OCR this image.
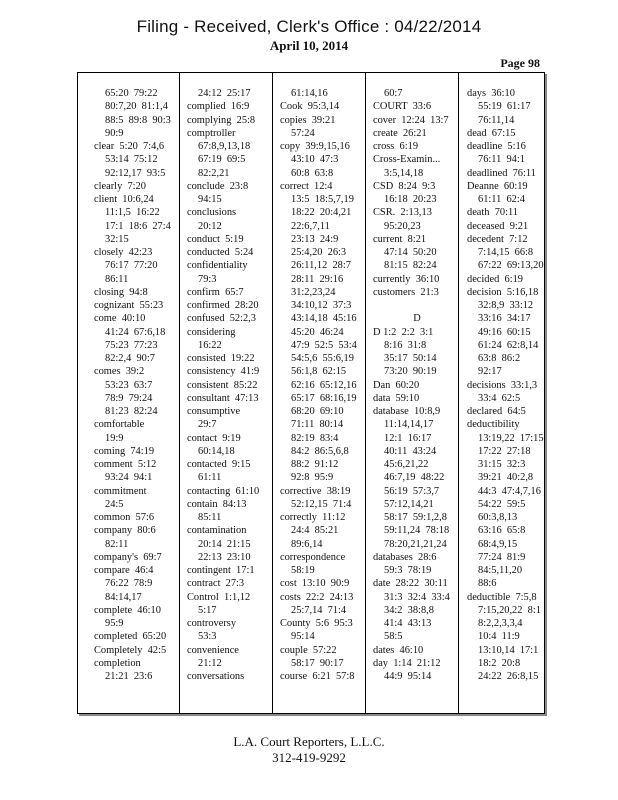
Filing - Received, Clerk's Office : 04/22/2014
April 10, 2014
Page 98
65:20  79:22
80:7,20  81:1,4
88:5  89:8  90:3
90:9
clear  5:20  7:4,6
53:14  75:12
92:12,17  93:5
clearly  7:20
client  10:6,24
11:1,5  16:22
17:1  18:6  27:4
32:15
closely  42:23
76:17  77:20
86:11
closing  94:8
cognizant  55:23
come  40:10
41:24  67:6,18
75:23  77:23
82:2,4  90:7
comes  39:2
53:23  63:7
78:9  79:24
81:23  82:24
comfortable
19:9
coming  74:19
comment  5:12
93:24  94:1
commitment
24:5
common  57:6
company  80:6
82:11
company's  69:7
compare  46:4
76:22  78:9
84:14,17
complete  46:10
95:9
completed  65:20
Completely  42:5
completion
21:21  23:6
24:12  25:17
complied  16:9
complying  25:8
comptroller
67:8,9,13,18
67:19  69:5
82:2,21
conclude  23:8
94:15
conclusions
20:12
conduct  5:19
conducted  5:24
confidentiality
79:3
confirm  65:7
confirmed  28:20
confused  52:2,3
considering
16:22
consisted  19:22
consistency  41:9
consistent  85:22
consultant  47:13
consumptive
29:7
contact  9:19
60:14,18
contacted  9:15
61:11
contacting  61:10
contain  84:13
85:11
contamination
20:14  21:15
22:13  23:10
contingent  17:1
contract  27:3
Control  1:1,12
5:17
controversy
53:3
convenience
21:12
conversations
61:14,16
Cook  95:3,14
copies  39:21
57:24
copy  39:9,15,16
43:10  47:3
60:8  63:8
correct  12:4
13:5  18:5,7,19
18:22  20:4,21
22:6,7,11
23:13  24:9
25:4,20  26:3
26:11,12  28:7
28:11  29:16
31:2,23,24
34:10,12  37:3
43:14,18  45:16
45:20  46:24
47:9  52:5  53:4
54:5,6  55:6,19
56:1,8  62:15
62:16  65:12,16
65:17  68:16,19
68:20  69:10
71:11  80:14
82:19  83:4
84:2  86:5,6,8
88:2  91:12
92:8  95:9
corrective  38:19
52:12,15  71:4
correctly  11:12
24:4  85:21
89:6,14
correspondence
58:19
cost  13:10  90:9
costs  22:2  24:13
25:7,14  71:4
County  5:6  95:3
95:14
couple  57:22
58:17  90:17
course  6:21  57:8
60:7
COURT  33:6
cover  12:24  13:7
create  26:21
cross  6:19
Cross-Examin...
3:5,14,18
CSD  8:24  9:3
16:18  20:23
CSR.  2:13,13
95:20,23
current  8:21
47:14  50:20
81:15  82:24
currently  36:10
customers  21:3
D
D 1:2  2:2  3:1
8:16  31:8
35:17  50:14
73:20  90:19
Dan  60:20
data  59:10
database  10:8,9
11:14,14,17
12:1  16:17
40:11  43:24
45:6,21,22
46:7,19  48:22
56:19  57:3,7
57:12,14,21
58:17  59:1,2,8
59:11,24  78:18
78:20,21,21,24
databases  28:6
59:3  78:19
date  28:22  30:11
31:3  32:4  33:4
34:2  38:8,8
41:4  43:13
58:5
dates  46:10
day  1:14  21:12
44:9  95:14
days  36:10
55:19  61:17
76:11,14
dead  67:15
deadline  5:16
76:11  94:1
deadlined  76:11
Deanne  60:19
61:11  62:4
death  70:11
deceased  9:21
decedent  7:12
7:14,15  66:8
67:22  69:13,20
decided  6:19
decision  5:16,18
32:8,9  33:12
33:16  34:17
49:16  60:15
61:24  62:8,14
63:8  86:2
92:17
decisions  33:1,3
33:4  62:5
declared  64:5
deductibility
13:19,22  17:15
17:22  27:18
31:15  32:3
39:21  40:2,8
44:3  47:4,7,16
54:22  59:5
60:3,8,13
63:16  65:8
68:4,9,15
77:24  81:9
84:5,11,20
88:6
deductible  7:5,8
7:15,20,22  8:1
8:2,2,3,3,4
10:4  11:9
13:10,14  17:1
18:2  20:8
24:22  26:8,15
L.A. Court Reporters, L.L.C.
312-419-9292
